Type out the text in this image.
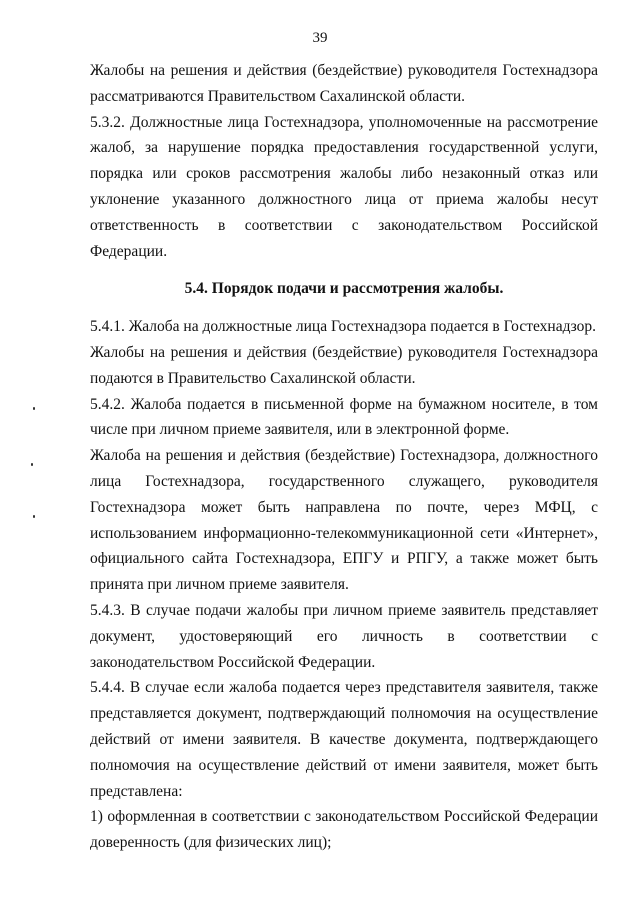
39

Жалобы на решения и действия (бездействие) руководителя Гостехнадзора рассматриваются Правительством Сахалинской области.

5.3.2. Должностные лица Гостехнадзора, уполномоченные на рассмотрение жалоб, за нарушение порядка предоставления государственной услуги, порядка или сроков рассмотрения жалобы либо незаконный отказ или уклонение указанного должностного лица от приема жалобы несут ответственность в соответствии с законодательством Российской Федерации.

5.4. Порядок подачи и рассмотрения жалобы.

5.4.1. Жалоба на должностные лица Гостехнадзора подается в Гостехнадзор.

Жалобы на решения и действия (бездействие) руководителя Гостехнадзора подаются в Правительство Сахалинской области.

5.4.2. Жалоба подается в письменной форме на бумажном носителе, в том числе при личном приеме заявителя, или в электронной форме.

Жалоба на решения и действия (бездействие) Гостехнадзора, должностного лица Гостехнадзора, государственного служащего, руководителя Гостехнадзора может быть направлена по почте, через МФЦ, с использованием информационно-телекоммуникационной сети «Интернет», официального сайта Гостехнадзора, ЕПГУ и РПГУ, а также может быть принята при личном приеме заявителя.

5.4.3. В случае подачи жалобы при личном приеме заявитель представляет документ, удостоверяющий его личность в соответствии с законодательством Российской Федерации.

5.4.4. В случае если жалоба подается через представителя заявителя, также представляется документ, подтверждающий полномочия на осуществление действий от имени заявителя. В качестве документа, подтверждающего полномочия на осуществление действий от имени заявителя, может быть представлена:

1) оформленная в соответствии с законодательством Российской Федерации доверенность (для физических лиц);
